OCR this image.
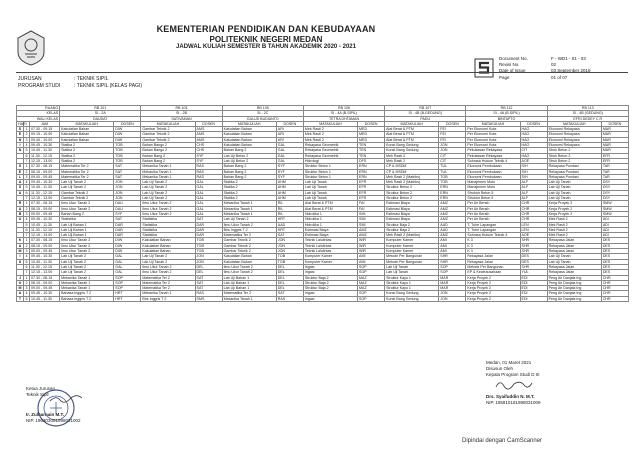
KEMENTERIAN PENDIDIKAN DAN KEBUDAYAAN
POLITEKNIK NEGERI MEDAN
JADWAL KULIAH SEMESTER B TAHUN AKADEMIK 2020 - 2021
Document No.	F - WD1 - 01 - 03
Revisi No.	02
Date of Issue	03 September 2018
Page	01 of 07
JURUSAN	: TEKNIK SIPIL
PROGRAM STUDI	: TEKNIK SIPIL (KELAS PAGI)
RUANG			RB 101		RB 104		RB 105		RB 106		RB 107		RB 112		RB 113	
KELAS			SI - 2A		SI - 2B		SI - 2C		SI - 4A (B.SIPIL)		SI - 4B (B.GEDUNG)		SI - 4A (B.SIPIL)		SI - 4B (GEDUNG)	
WALI KELAS			DAUDAT		SATIVAMAN		GALUD BUDIANTO		TETRA DHTAMAN		PADU		BINTAPTO		EFRI DEDEY C.R	
HARI		JAM	MATAKULIAH	DOSEN	MATAKULIAH	DOSEN	MATAKULIAH	DOSEN	MATAKULIAH	DOSEN	MATAKULIAH	DOSEN	MATAKULIAH	DOSEN	MATAKULIAH	DOSEN
S	1	07.30 - 09.15	Kakulatian Bahan	DIW	Gambar Teknik 2	AMS	Kakulatian Bahan	ARI	Mek Rasti 2	MED	Alat Berat & PTM	FEI	Per Ekonomi Kota	HAO	Ekonomi Rekayasa	MAR
E	2	09.15 - 10.00	Kakulatian Bahan	DIW	Gambar Teknik 2	AMS	Kakulatian Bahan	ARI	Mek Rasti 2	MED	Alat Berat & PTM	FEI	Per Ekonomi Kota	HAO	Ekonomi Rekayasa	MAR
N	3	09.45 - 10.00	Kakulatian Bahan	DIW	Gambar Teknik 2	AMS	Kakulatian Bahan	ARI	Mek Rasti 2	MED	Alat Berat & PTM	FEI	Per Ekonomi Kota	HAO	Ekonomi Rekayasa	MAR
I	4	09.45 - 10.30	Statika 2	TOB	Bahan Bangu 2	CHS	Kakulatian Bahan	GAL	Rekayasa Geometrik	TEN	Konst Bang Gedung	JON	Per Ekonomi Kota	HAO	Ekonomi Rekayasa	MAR
N	5	10.45 - 11.30	Statika 2	TOB	Bahan Bangu 2	CHS	Bahan Bang 2	GAL	Rekayasa Geometrik	TEN	Konst Bang Gedung	JON	Pekukasan Rekayasa	CIT	Struk Beton 2	MAR
	6	11.30 - 12.15	Statika 2	TOB	Bahan Bang 2	SYF	Lab Uji Beton 2	GAL	Rekayasa Geometrik	TEN	Mek Rasti 2	CIT	Pekukasan Rekayasa	HAO	Struk Beton 2	EFR
	7	12.15 - 13.00	Statika 2	TOB	Bahan Bang 2	SYF	Lab Uji Beton 2	GAL	Hidrologi	DFS	Mek Rasti 2	CIT	Sohrasa Hukum Teknik 4	AOE	Struk Beton 2	EFR
S	1	07.30 - 08.15	Matematika Ter 2	SAT	Mekanika Tanah 1	RAS	Bahan Bang 2	SYF	Struktur Beton 1	ERN	CP & MSDM	TUL	Ekonomi Pembukaan	SIH	Rekayasa Pondasi	TAR
E	2	08.15 - 09.00	Matematika Ter 2	SAT	Mekanika Tanah 1	RAS	Bahan Bang 2	SYF	Struktur Beton 1	ERN	CP & MSDM	TUL	Ekonomi Pembukaan	SIH	Rekayasa Pondasi	TAR
L	3	09.00 - 09.45	Matematika Ter 2	SAT	Mekanika Tanah 1	RAS	Bahan Bang 2	SYF	Struktur Beton 1	ERN	Mek Rasti 2 (Matriks)	TOB	Ekonomi Pembukaan	SIH	Rekayasa Pondasi	TAR
A	4	09.45 - 10.30	Lab Uji Tanah 2	JON	Lab Uji Tanah 2	GAL	Statika 2	AHM	Lab Uji Tanah	EFR	Mek Rasti 2 (Matriks)	TOB	Manajemen Mutu	ALF	Lab Uji Tanah	DSY
S	5	10.45 - 11.30	Lab Uji Tanah 2	JON	Lab Uji Tanah 2	GAL	Statika 2	AHM	Lab Uji Tanah	EFR	Struktur Beton 2	ERN	Manajemen Mutu	ALF	Lab Uji Tanah	DSY
A	6	11.30 - 12.15	Gambar Teknik 2	JON	Lab Uji Tanah 2	GAL	Statika 2	AHM	Lab Uji Tanah	EFR	Struktur Beton 2	ERN	Struktur Beton 5	ALF	Lab Uji Tanah	DSY
	7	12.15 - 13.00	Gambar Teknik 2	JON	Lab Uji Tanah 2	GAL	Statika 2	AHM	Lab Uji Tanah	EFR	Struktur Beton 2	ERN	Struktur Beton 5	ALF	Lab Uji Tanah	DSY
R	1	07.30 - 08.15	Ilmu Ukur Tanah 2	DAU	Ilmu Ukur Tanah 2	GAL	Mekanika Tanah 1	RIL	Alat Berat & PTM	FAI	Estimasi Biaya	AMZ	Per Air Bersih	CHR	Kerja Proyek 2	SMW
A	2	08.15 - 09.00	Ilmu Ukur Tanah 2	DAU	Ilmu Ukur Tanah 2	GAL	Mekanika Tanah 1	RIL	Alat Berat & PTM	FAI	Estimasi Biaya	AMZ	Per Air Bersih	CHR	Kerja Proyek 2	SMW
B	3	09.00 - 09.45	Bahan Bang 2	SYF	Ilmu Ukur Tanah 2	GAL	Mekanika Tanah 1	RIL	Hidrolika 1	SIM	Estimasi Biaya	AMZ	Per Air Bersih	CHR	Kerja Proyek 2	SMW
U	4	09.45 - 10.30	Statistika	SAT	Statistika	SAT	Lab Uji Tanah 2	HRT	Hidrolika 1	SIM	Estimasi Biaya	AMZ	Per Air Bersih	CHR	Mek Rasti 2	ADI
	5	10.45 - 11.30	Lab Uji Bahan 1	DAR	Statistika	DAR	Ilmu Ukur Tanah 2	AAD	Hidrolika 1	SIM	Struktur Baja 2	AAD	T. Tuhe Lapangan	LEN	Mek Rasti 2	ADI
	6	11.30 - 12.15	Lab Uji Bahan 1	DAR	Statistika	DAR	Bhs Inggris T 2	HRT	Estimasi Biaya	AMZ	Struktur Baja 2	AAD	T. Tuhe Lapangan	LEN	Mek Rasti 2	ADI
	7	12.15 - 13.00	Lab Uji Bahan 1	DAR	Statistika	DAR	Matematika Ter 2	SAT	Estimasi Biaya	AMZ	Mek Rasti 2 (Matriks)	AMZ	Sohrasa Hukum Teknik 4	AOE	Mek Rasti 2	ADI
K	1	07.30 - 08.15	Ilmu Ukur Tanah 2	DIW	Kakulatian Bahan	TOB	Gambar Teknik 2	JON	Teknik Lalulintas	WIR	Komputer Kamer	AMI	K 3	SHR	Rekayasa Jalan	DES
A	2	08.15 - 09.00	Ilmu Ukur Tanah 2	DIW	Kakulatian Bahan	TOB	Gambar Teknik 2	JON	Teknik Lalulintas	WIR	Komputer Kamer	AMI	K 3	SHR	Rekayasa Jalan	DES
M	3	09.00 - 09.45	Ilmu Ukur Tanah 2	DIW	Kakulatian Bahan	TOB	Gambar Teknik 2	JON	Teknik Lalulintas	WIR	Komputer Kamer	AMI	K 3	SHR	Rekayasa Jalan	DES
I	4	09.45 - 10.30	Lab Uji Tanah 2	GAL	Lab Uji Tanah 2	JON	Kakulatian Bahan	TOB	Komputer Kamer	AMI	Metode Per Bangunan	SHR	Rekayasa Jalan	DES	Lab Uji Tanah	DES
S	5	10.45 - 11.30	Lab Uji Tanah 2	GAL	Lab Uji Tanah 2	JON	Kakulatian Bahan	TOB	Komputer Kamer	AMI	Metode Per Bangunan	SHR	Rekayasa Jalan	DES	Lab Uji Tanah	DES
	6	11.30 - 12.15	Lab Uji Tanah 2	GAL	Ilmu Ukur Tanah 2	DEL	Ilmu Ukur Tanah 2	DEL	Irigasi	SOP	Lab Uji Tanah	SOP	Metode Per Bangunan	SHR	Rekayasa Jalan	DES
	7	12.15 - 13.00	Lab Uji Tanah 2	GAL	Ilmu Ukur Tanah 2	DEL	Ilmu Ukur Tanah 2	DEL	Irigasi	SOP	Lab Uji Tanah	SOP	EP & Kewirausahaan	YUL	Rekayasa Jalan	DES
J	1	07.30 - 08.15	Mekanika Tanah 1	SOP	Matematika Ter 2	SAT	Lab Uji Bahan 1	DEL	Struktur Baja 2	MAZ	Struktur Kayu 1	MAR	Kerja Proyek 2	EDI	Peng Air Danjala Ing	CHR
U	2	08.15 - 09.00	Mekanika Tanah 1	SOP	Matematika Ter 2	SAT	Lab Uji Bahan 1	DEL	Struktur Baja 2	MAZ	Struktur Kayu 1	MAR	Kerja Proyek 2	EDI	Peng Air Danjala Ing	CHR
M	3	09.00 - 09.45	Mekanika Tanah 1	SOP	Matematika Ter 2	SAT	Lab Uji Bahan 1	DEL	Struktur Baja 2	MAZ	Struktur Kayu 1	MAR	Kerja Proyek 2	EDI	Peng Air Danjala Ing	CHR
A	4	09.45 - 10.30	Bahasa Inggris T 2	HRT	Mekanika Tanah 1	RAS	Matematika Ter 2	SAT	Irigasi	SOP	Konst Bang Gedung	JON	Kerja Proyek 2	EDI	Peng Air Danjala Ing	CHR
T	5	10.45 - 11.30	Bahasa Inggris T 2	HRT	Bhs Inggris T 2	SMS	Mekanika Tanah 1	RAS	Irigasi	SOP	Konst Bang Gedung	JON	Kerja Proyek 2	EDI	Peng Air Danjala Ing	CHR
Ketua Jurusan
Teknik Sipil
Ir. Zulharnain M.T.
NIP. 196303081998031002
Medan, 01 Maret 2021
Disusun Oleh
Kepala Program Studi D III
Drs. Syaifuddin N. M.T.
NIP. 195810181988031009
Dipindai dengan CamScanner
